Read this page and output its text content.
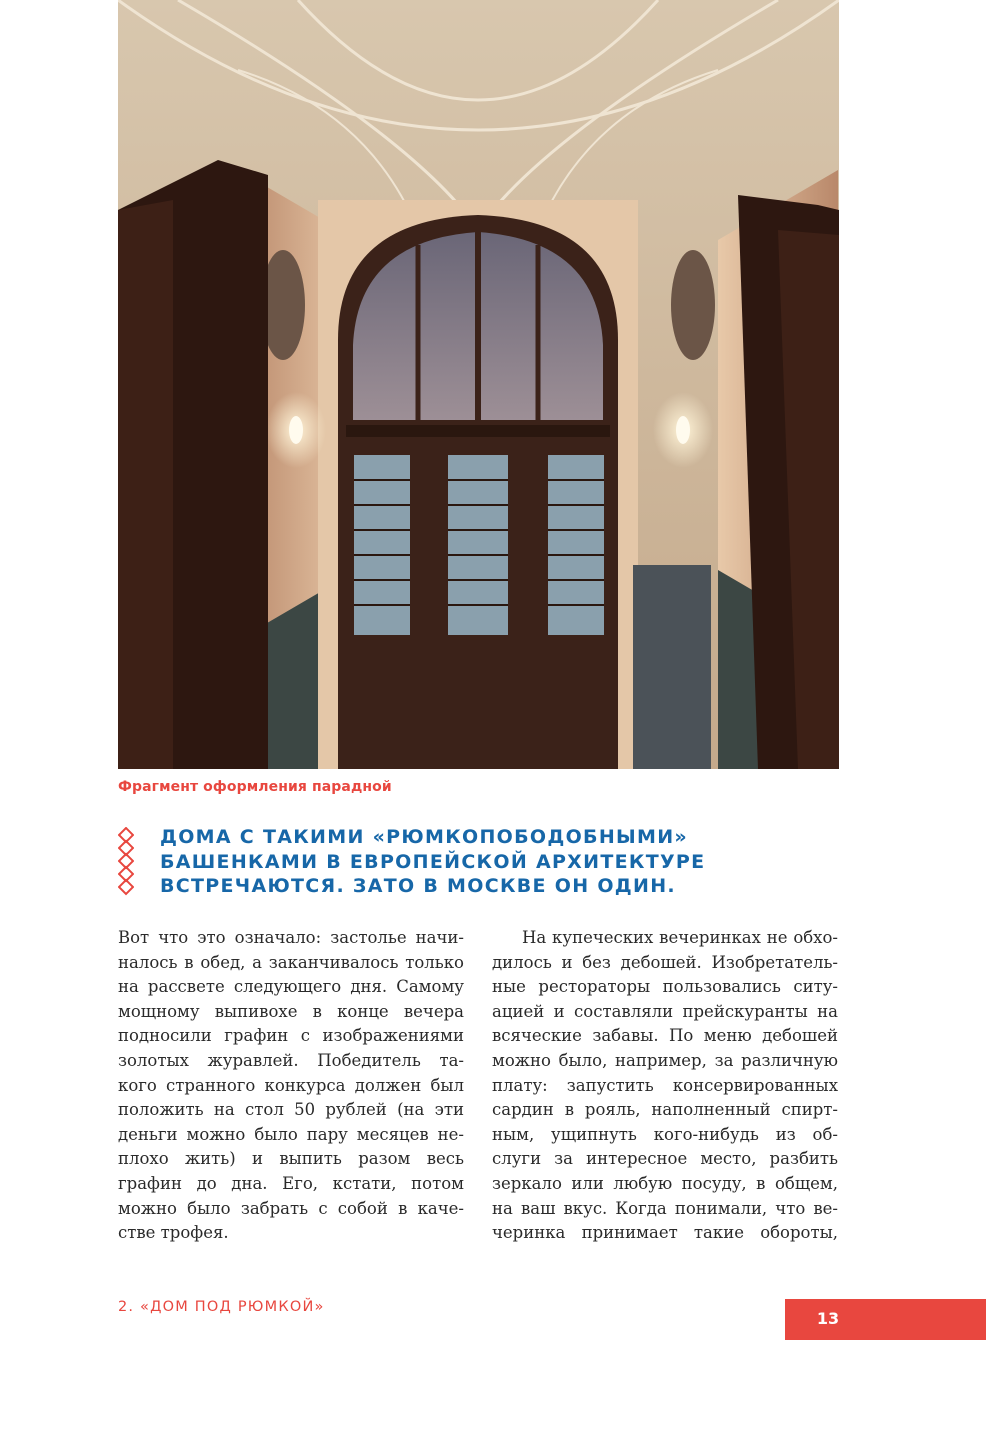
Фрагмент оформления парадной
ДОМА С ТАКИМИ «РЮМКОПОБОДОБНЫМИ»
БАШЕНКАМИ В ЕВРОПЕЙСКОЙ АРХИТЕКТУРЕ
ВСТРЕЧАЮТСЯ. ЗАТО В МОСКВЕ ОН ОДИН.
Вот что это означало: застолье начи-
налось в обед, а заканчивалось только
на рассвете следующего дня. Самому
мощному выпивохе в конце вечера
подносили графин с изображениями
золотых журавлей. Победитель та-
кого странного конкурса должен был
положить на стол 50 рублей (на эти
деньги можно было пару месяцев не-
плохо жить) и выпить разом весь
графин до дна. Его, кстати, потом
можно было забрать с собой в каче-
стве трофея.
На купеческих вечеринках не обхо-
дилось и без дебошей. Изобретатель-
ные рестораторы пользовались ситу-
ацией и составляли прейскуранты на
всяческие забавы. По меню дебошей
можно было, например, за различную
плату: запустить консервированных
сардин в рояль, наполненный спирт-
ным, ущипнуть кого-нибудь из об-
слуги за интересное место, разбить
зеркало или любую посуду, в общем,
на ваш вкус. Когда понимали, что ве-
черинка принимает такие обороты,
2. «ДОМ ПОД РЮМКОЙ»
13
